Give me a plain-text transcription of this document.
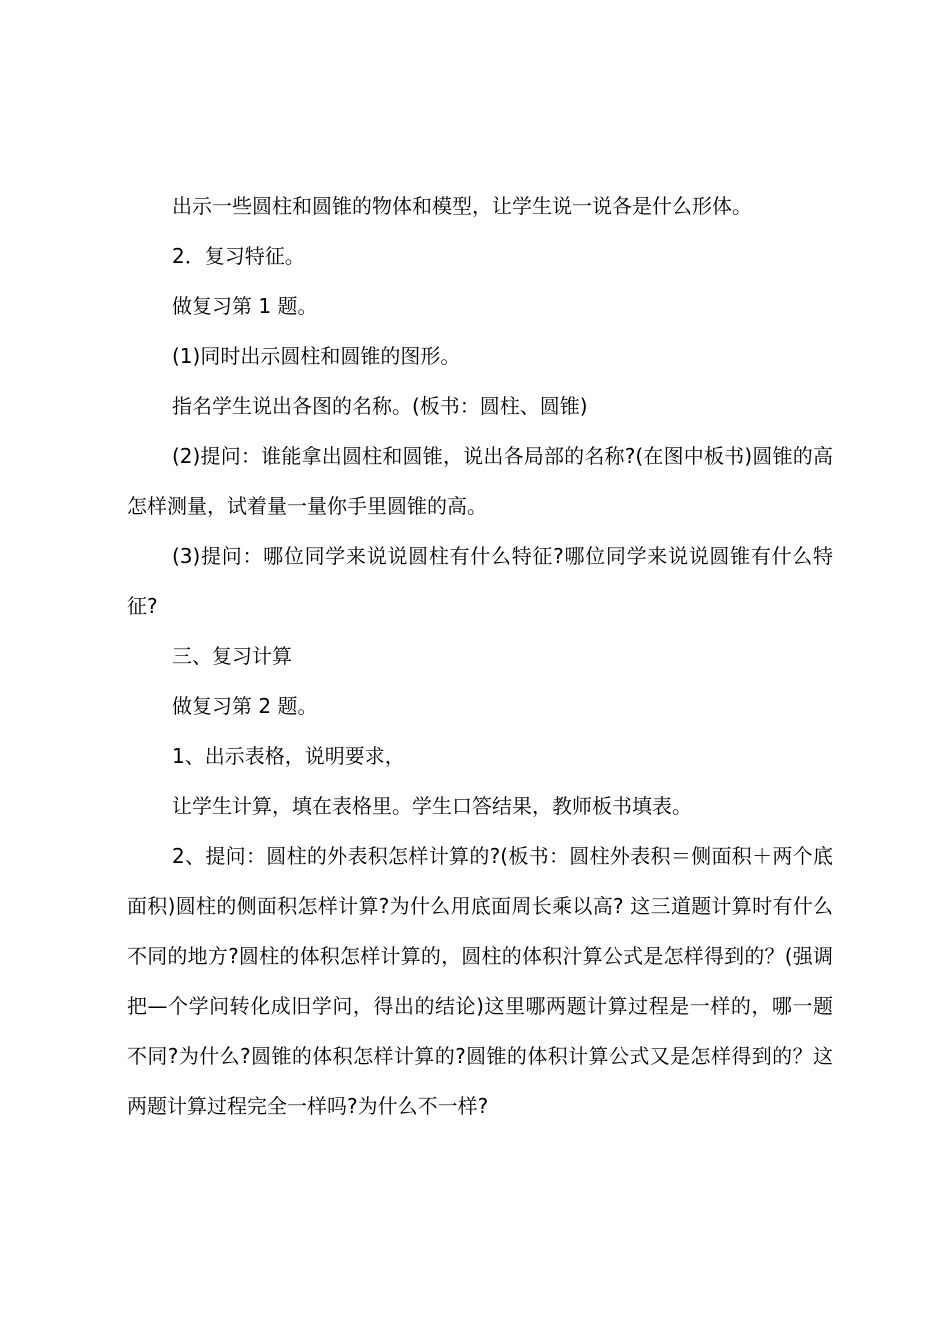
出示一些圆柱和圆锥的物体和模型，让学生说一说各是什么形体。

2．复习特征。

做复习第 1 题。

(1)同时出示圆柱和圆锥的图形。

指名学生说出各图的名称。(板书：圆柱、圆锥)

(2)提问：谁能拿出圆柱和圆锥，说出各局部的名称?(在图中板书)圆锥的高怎样测量，试着量一量你手里圆锥的高。

(3)提问：哪位同学来说说圆柱有什么特征?哪位同学来说说圆锥有什么特征?

三、复习计算

做复习第 2 题。

1、出示表格，说明要求，

让学生计算，填在表格里。学生口答结果，教师板书填表。

2、提问：圆柱的外表积怎样计算的?(板书：圆柱外表积＝侧面积＋两个底面积)圆柱的侧面积怎样计算?为什么用底面周长乘以高? 这三道题计算时有什么不同的地方?圆柱的体积怎样计算的，圆柱的体积汁算公式是怎样得到的？(强调把—个学问转化成旧学问，得出的结论)这里哪两题计算过程是一样的，哪一题不同?为什么?圆锥的体积怎样计算的?圆锥的体积计算公式又是怎样得到的？这两题计算过程完全一样吗?为什么不一样?
